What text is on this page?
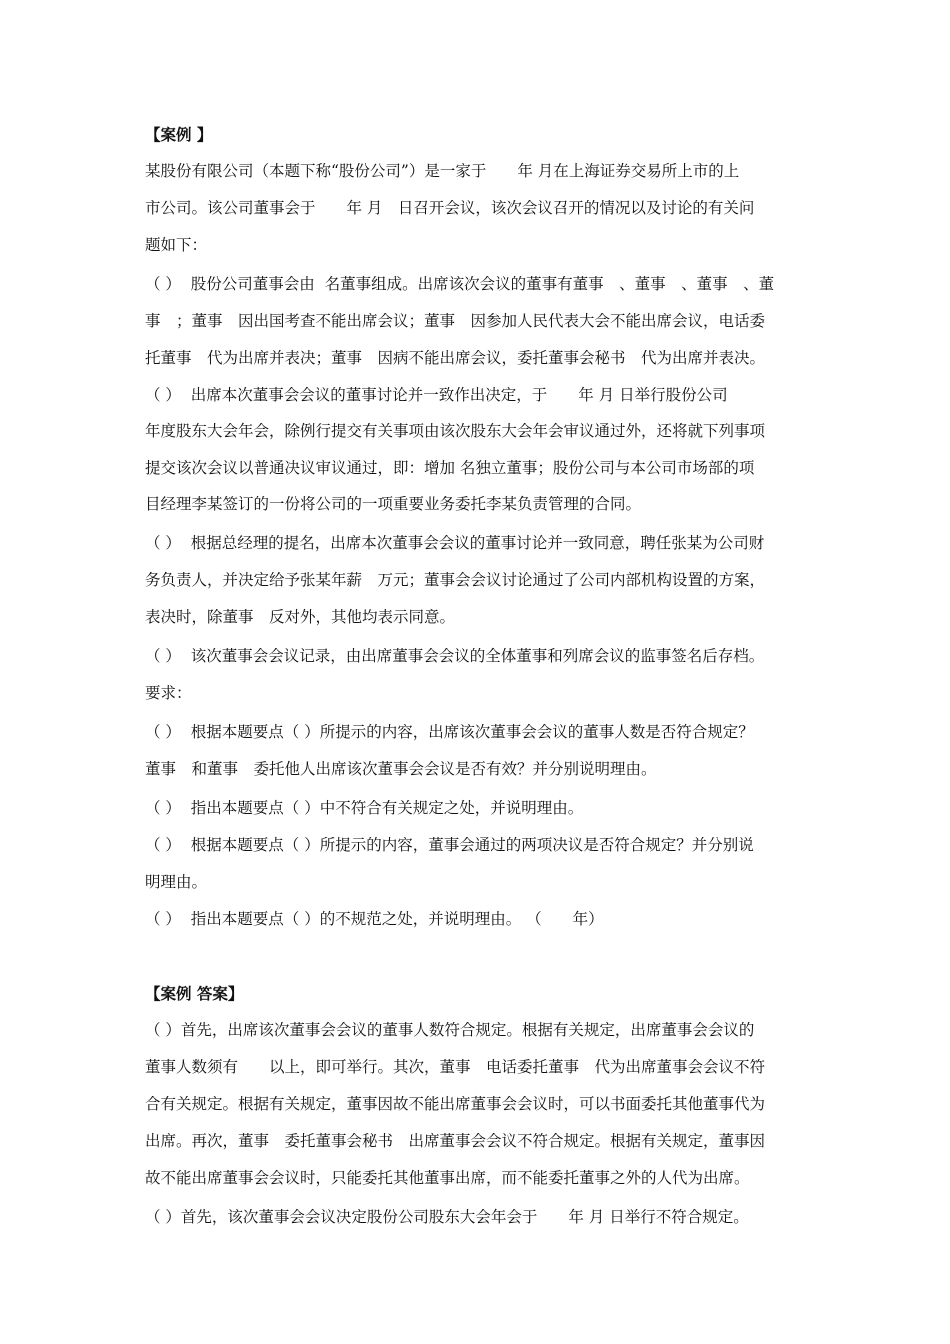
【案例 】
某股份有限公司（本题下称“股份公司”）是一家于　　年 月在上海证券交易所上市的上
市公司。该公司董事会于　　年 月　日召开会议，该次会议召开的情况以及讨论的有关问
题如下：
（ ）  股份公司董事会由  名董事组成。出席该次会议的董事有董事　、董事　、董事　、董
事　；董事　因出国考查不能出席会议；董事　因参加人民代表大会不能出席会议，电话委
托董事　代为出席并表决；董事　因病不能出席会议，委托董事会秘书　代为出席并表决。
（ ）  出席本次董事会会议的董事讨论并一致作出决定，于　　年 月 日举行股份公司
年度股东大会年会，除例行提交有关事项由该次股东大会年会审议通过外，还将就下列事项
提交该次会议以普通决议审议通过，即：增加 名独立董事；股份公司与本公司市场部的项
目经理李某签订的一份将公司的一项重要业务委托李某负责管理的合同。
（ ）  根据总经理的提名，出席本次董事会会议的董事讨论并一致同意，聘任张某为公司财
务负责人，并决定给予张某年薪　万元；董事会会议讨论通过了公司内部机构设置的方案，
表决时，除董事　反对外，其他均表示同意。
（ ）  该次董事会会议记录，由出席董事会会议的全体董事和列席会议的监事签名后存档。
要求：
（ ）  根据本题要点（ ）所提示的内容，出席该次董事会会议的董事人数是否符合规定？
董事　和董事　委托他人出席该次董事会会议是否有效？并分别说明理由。
（ ）  指出本题要点（ ）中不符合有关规定之处，并说明理由。
（ ）  根据本题要点（ ）所提示的内容，董事会通过的两项决议是否符合规定？并分别说
明理由。
（ ）  指出本题要点（ ）的不规范之处，并说明理由。 （　　年）
【案例 答案】
（ ）首先，出席该次董事会会议的董事人数符合规定。根据有关规定，出席董事会会议的
董事人数须有　　以上，即可举行。其次，董事　电话委托董事　代为出席董事会会议不符
合有关规定。根据有关规定，董事因故不能出席董事会会议时，可以书面委托其他董事代为
出席。再次，董事　委托董事会秘书　出席董事会会议不符合规定。根据有关规定，董事因
故不能出席董事会会议时，只能委托其他董事出席，而不能委托董事之外的人代为出席。
（ ）首先，该次董事会会议决定股份公司股东大会年会于　　年 月 日举行不符合规定。
